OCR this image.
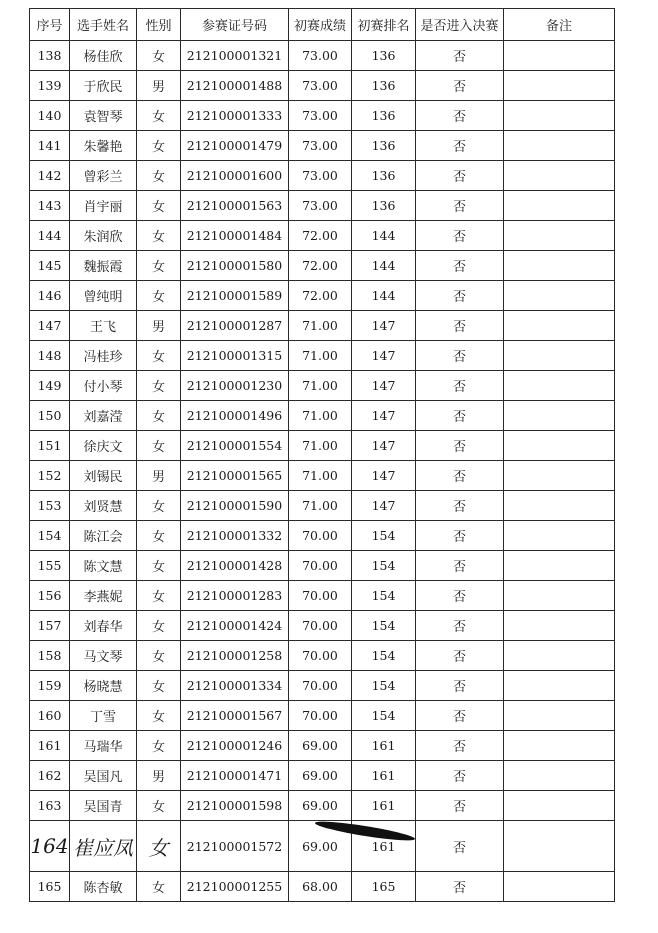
序号	选手姓名	性别	参赛证号码	初赛成绩	初赛排名	是否进入决赛	备注
138	杨佳欣	女	212100001321	73.00	136	否	
139	于欣民	男	212100001488	73.00	136	否	
140	袁智琴	女	212100001333	73.00	136	否	
141	朱馨艳	女	212100001479	73.00	136	否	
142	曾彩兰	女	212100001600	73.00	136	否	
143	肖宇丽	女	212100001563	73.00	136	否	
144	朱润欣	女	212100001484	72.00	144	否	
145	魏振霞	女	212100001580	72.00	144	否	
146	曾纯明	女	212100001589	72.00	144	否	
147	王飞	男	212100001287	71.00	147	否	
148	冯桂珍	女	212100001315	71.00	147	否	
149	付小琴	女	212100001230	71.00	147	否	
150	刘嘉滢	女	212100001496	71.00	147	否	
151	徐庆文	女	212100001554	71.00	147	否	
152	刘锡民	男	212100001565	71.00	147	否	
153	刘贤慧	女	212100001590	71.00	147	否	
154	陈江会	女	212100001332	70.00	154	否	
155	陈文慧	女	212100001428	70.00	154	否	
156	李燕妮	女	212100001283	70.00	154	否	
157	刘春华	女	212100001424	70.00	154	否	
158	马文琴	女	212100001258	70.00	154	否	
159	杨晓慧	女	212100001334	70.00	154	否	
160	丁雪	女	212100001567	70.00	154	否	
161	马瑞华	女	212100001246	69.00	161	否	
162	吴国凡	男	212100001471	69.00	161	否	
163	吴国青	女	212100001598	69.00	161	否	
164	崔应凤	女	212100001572	69.00	161	否	
165	陈杏敏	女	212100001255	68.00	165	否	
